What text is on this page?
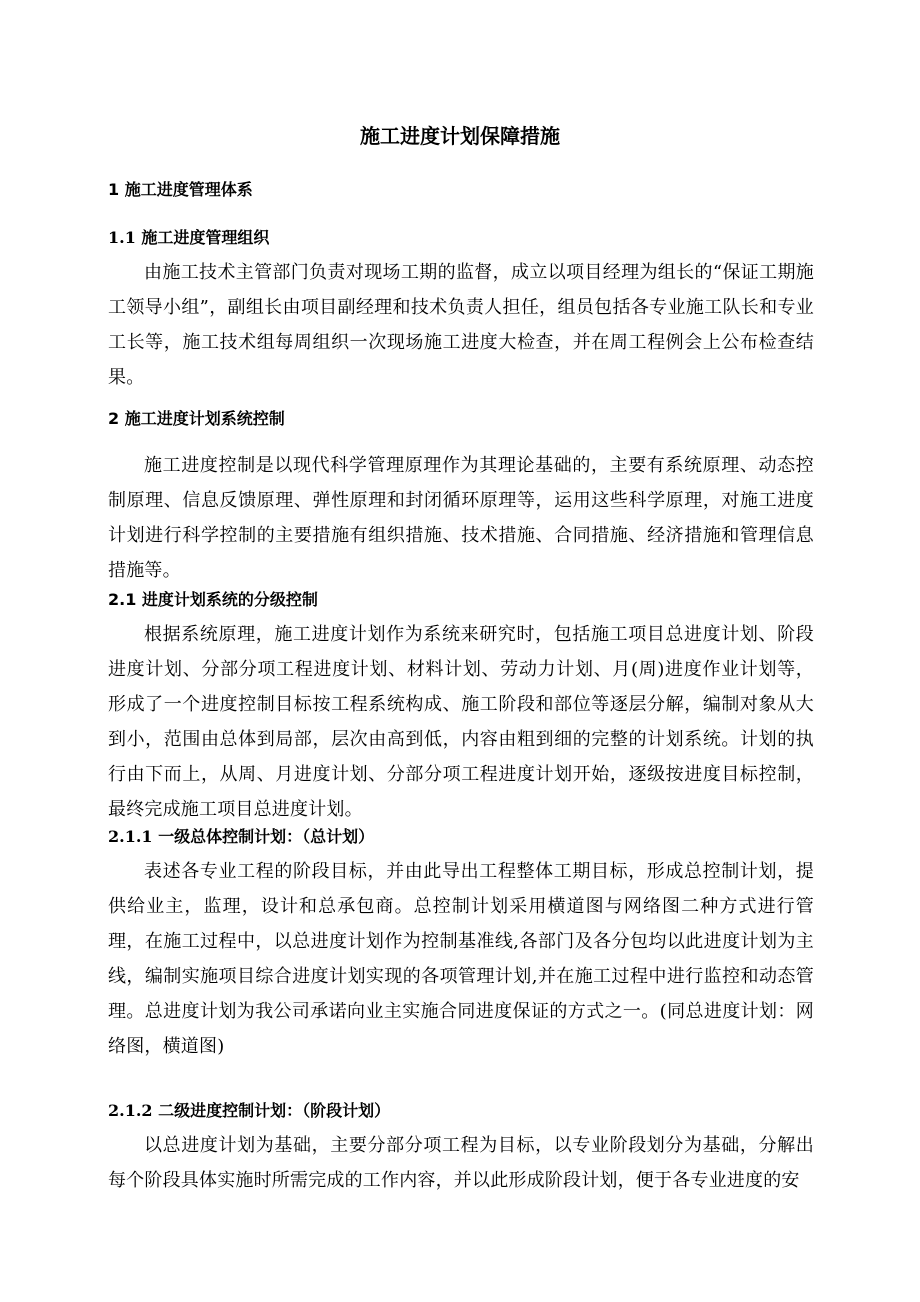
施工进度计划保障措施
1 施工进度管理体系
1.1 施工进度管理组织

由施工技术主管部门负责对现场工期的监督，成立以项目经理为组长的“保证工期施工领导小组”，副组长由项目副经理和技术负责人担任，组员包括各专业施工队长和专业工长等，施工技术组每周组织一次现场施工进度大检查，并在周工程例会上公布检查结果。

2 施工进度计划系统控制

施工进度控制是以现代科学管理原理作为其理论基础的，主要有系统原理、动态控制原理、信息反馈原理、弹性原理和封闭循环原理等，运用这些科学原理，对施工进度计划进行科学控制的主要措施有组织措施、技术措施、合同措施、经济措施和管理信息措施等。

2.1 进度计划系统的分级控制

根据系统原理，施工进度计划作为系统来研究时，包括施工项目总进度计划、阶段进度计划、分部分项工程进度计划、材料计划、劳动力计划、月(周)进度作业计划等，形成了一个进度控制目标按工程系统构成、施工阶段和部位等逐层分解，编制对象从大到小，范围由总体到局部，层次由高到低，内容由粗到细的完整的计划系统。计划的执行由下而上，从周、月进度计划、分部分项工程进度计划开始，逐级按进度目标控制，最终完成施工项目总进度计划。

2.1.1 一级总体控制计划：（总计划）

表述各专业工程的阶段目标，并由此导出工程整体工期目标，形成总控制计划，提供给业主，监理，设计和总承包商。总控制计划采用横道图与网络图二种方式进行管理，在施工过程中，以总进度计划作为控制基准线,各部门及各分包均以此进度计划为主线，编制实施项目综合进度计划实现的各项管理计划,并在施工过程中进行监控和动态管理。总进度计划为我公司承诺向业主实施合同进度保证的方式之一。(同总进度计划：网络图，横道图)

2.1.2 二级进度控制计划：（阶段计划）

以总进度计划为基础，主要分部分项工程为目标，以专业阶段划分为基础，分解出每个阶段具体实施时所需完成的工作内容，并以此形成阶段计划，便于各专业进度的安
